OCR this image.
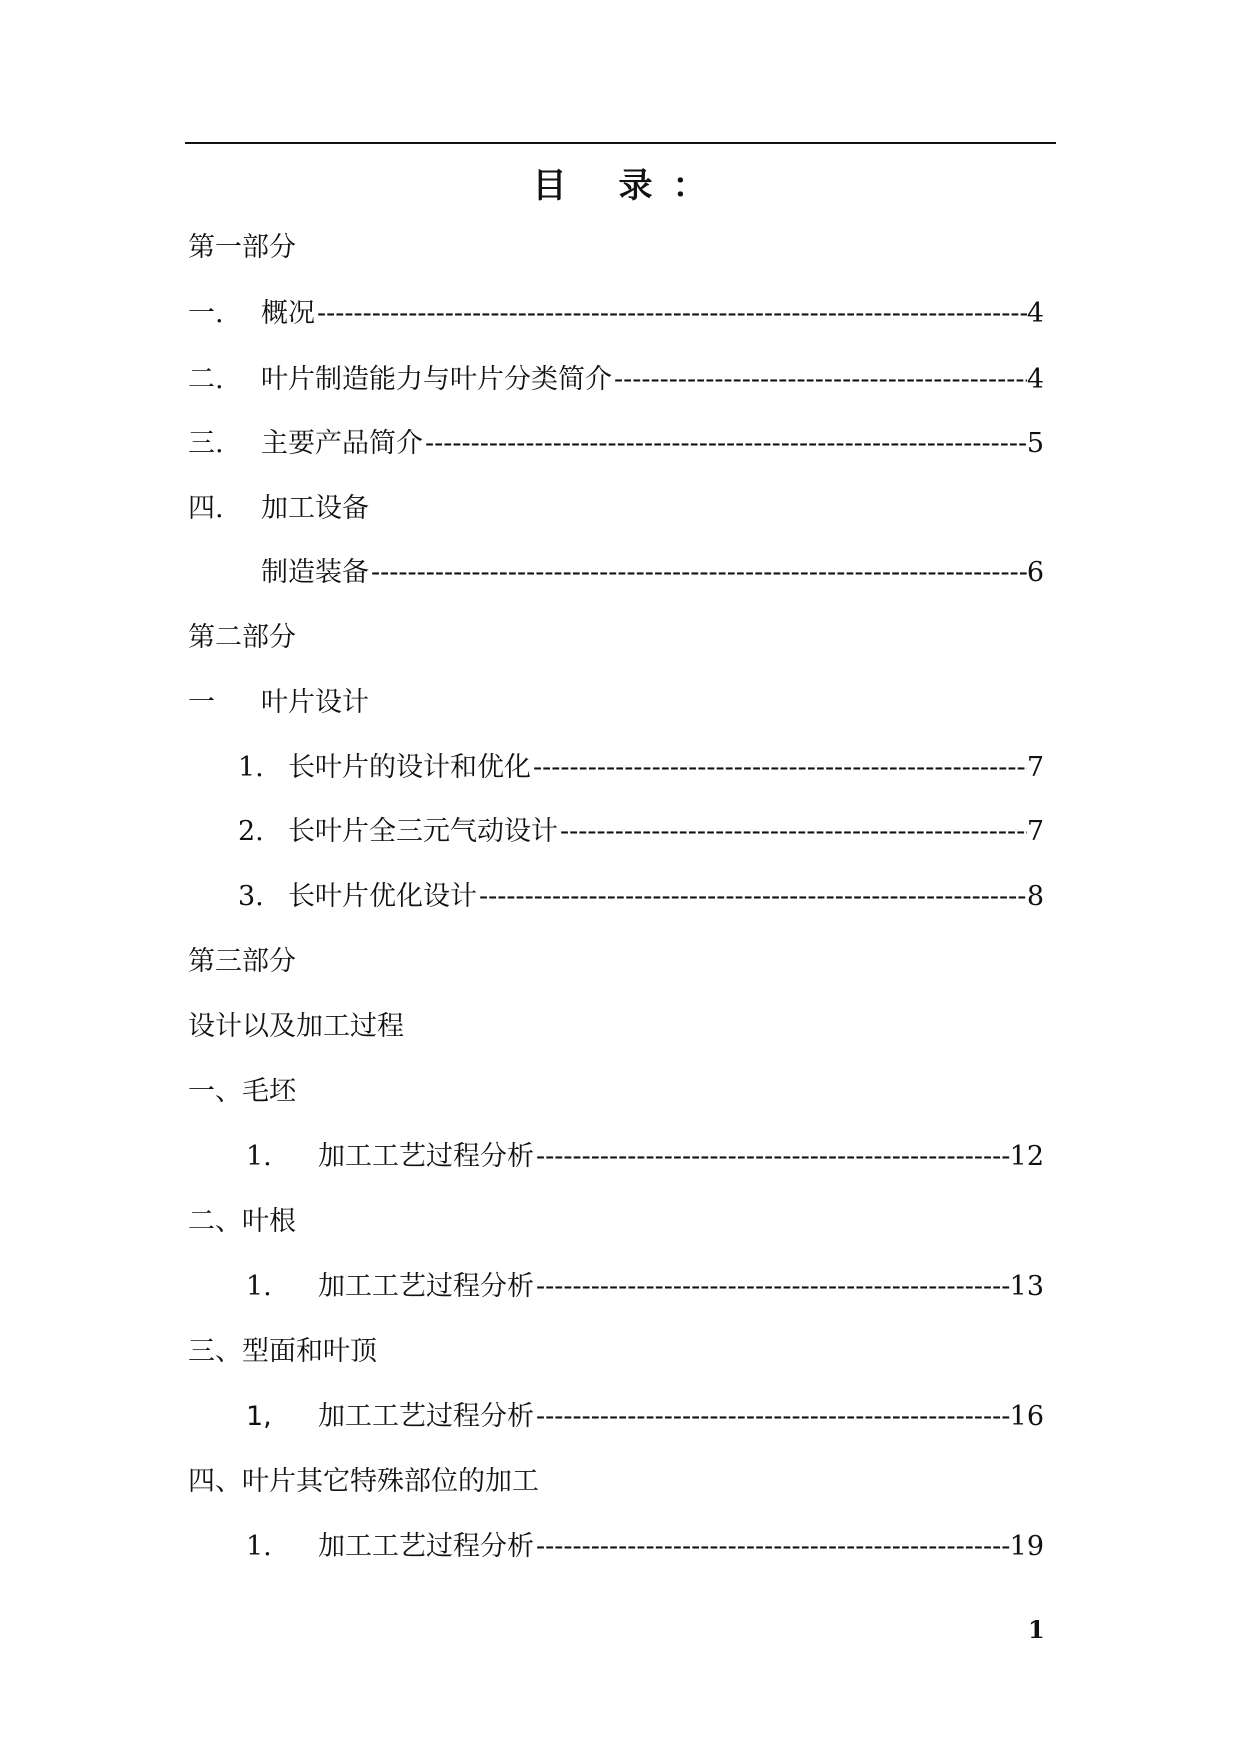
目 录 ：
第一部分
一.	概况 -----	4
二.	叶片制造能力与叶片分类简介 -----	4
三.	主要产品简介 -----	5
四.	加工设备
制造装备 -----	6
第二部分
一	叶片设计
1. 长叶片的设计和优化 -----	7
2. 长叶片全三元气动设计 -----	7
3. 长叶片优化设计 -----	8
第三部分
设计以及加工过程
一、毛坯
1.	加工工艺过程分析 -----	12
二、叶根
1.	加工工艺过程分析 -----	13
三、型面和叶顶
1,	加工工艺过程分析 -----	16
四、叶片其它特殊部位的加工
1.	加工工艺过程分析 -----	19
1
